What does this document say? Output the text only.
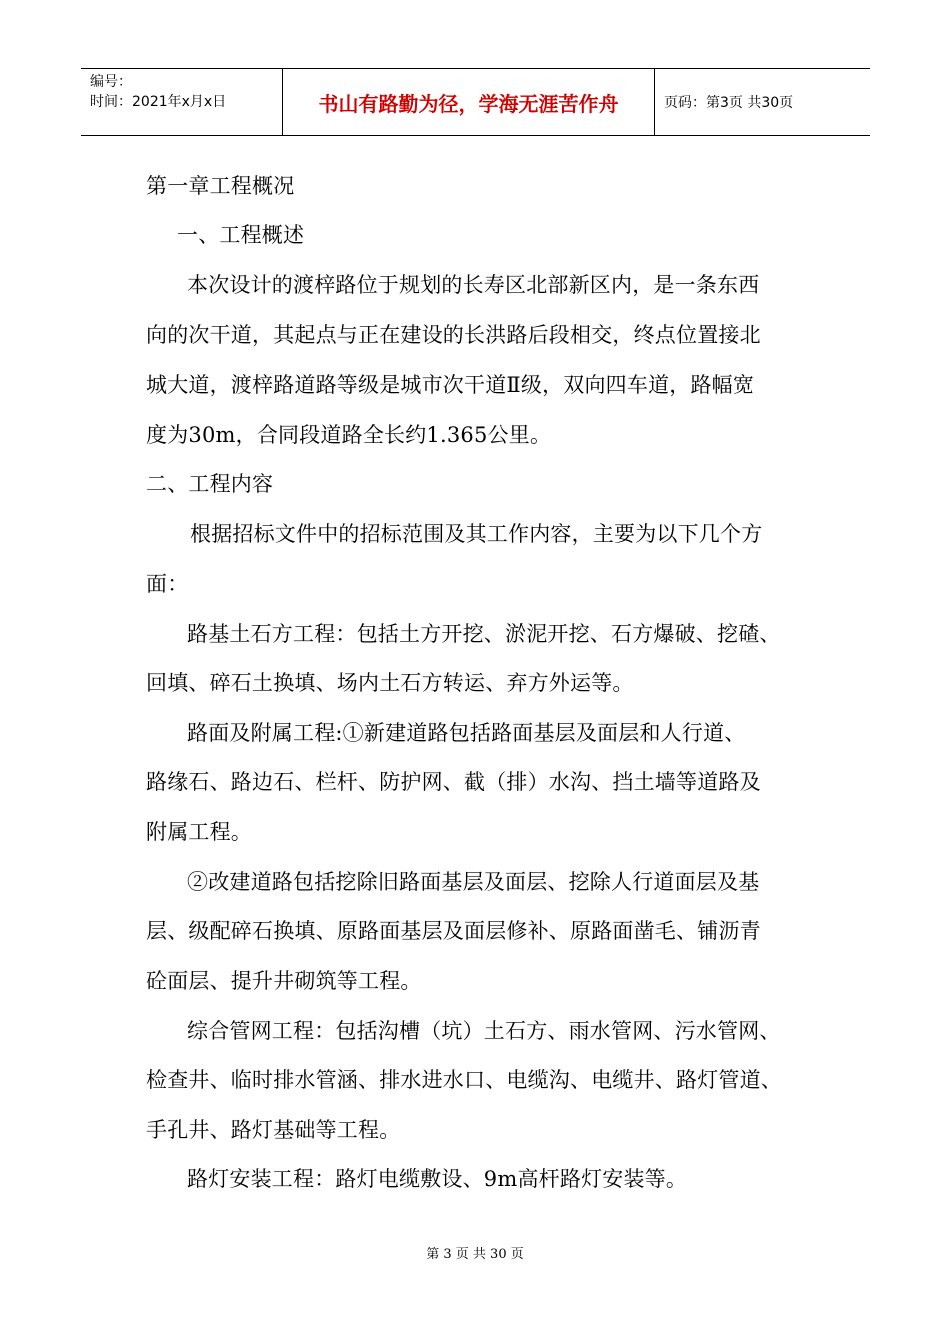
编号：
时间：2021年x月x日	书山有路勤为径，学海无涯苦作舟	页码：第3页 共30页
第一章工程概况
一、工程概述
本次设计的渡梓路位于规划的长寿区北部新区内，是一条东西
向的次干道，其起点与正在建设的长洪路后段相交，终点位置接北
城大道，渡梓路道路等级是城市次干道Ⅱ级，双向四车道，路幅宽
度为30m，合同段道路全长约1.365公里。
二、工程内容
根据招标文件中的招标范围及其工作内容，主要为以下几个方
面：
路基土石方工程：包括土方开挖、淤泥开挖、石方爆破、挖碴、
回填、碎石土换填、场内土石方转运、弃方外运等。
路面及附属工程:①新建道路包括路面基层及面层和人行道、
路缘石、路边石、栏杆、防护网、截（排）水沟、挡土墙等道路及
附属工程。
②改建道路包括挖除旧路面基层及面层、挖除人行道面层及基
层、级配碎石换填、原路面基层及面层修补、原路面凿毛、铺沥青
砼面层、提升井砌筑等工程。
综合管网工程：包括沟槽（坑）土石方、雨水管网、污水管网、
检查井、临时排水管涵、排水进水口、电缆沟、电缆井、路灯管道、
手孔井、路灯基础等工程。
路灯安装工程：路灯电缆敷设、9m高杆路灯安装等。
第 3 页 共 30 页
